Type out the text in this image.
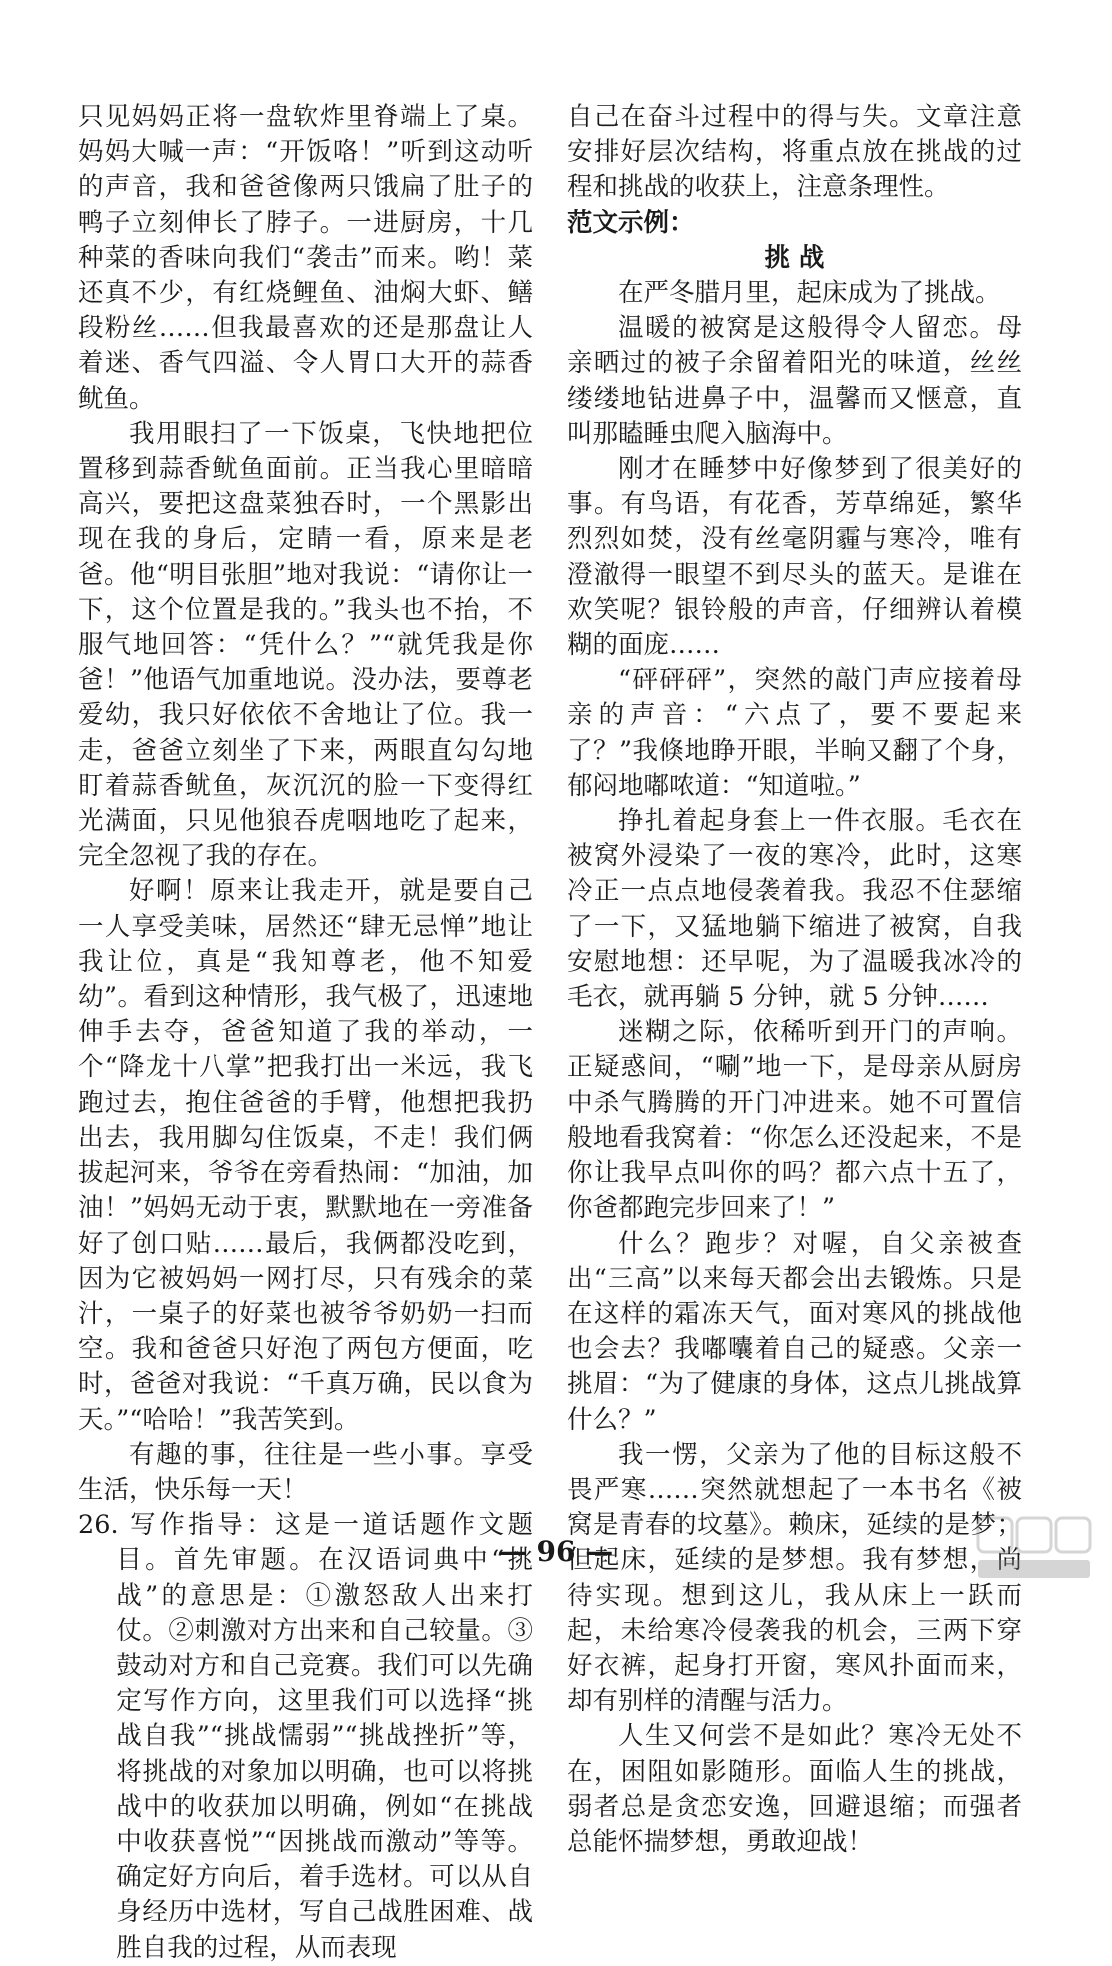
只见妈妈正将一盘软炸里脊端上了桌。妈妈大喊一声：“开饭咯！”听到这动听的声音，我和爸爸像两只饿扁了肚子的鸭子立刻伸长了脖子。一进厨房，十几种菜的香味向我们“袭击”而来。哟！菜还真不少，有红烧鲤鱼、油焖大虾、鳝段粉丝……但我最喜欢的还是那盘让人着迷、香气四溢、令人胃口大开的蒜香鱿鱼。

我用眼扫了一下饭桌，飞快地把位置移到蒜香鱿鱼面前。正当我心里暗暗高兴，要把这盘菜独吞时，一个黑影出现在我的身后，定睛一看，原来是老爸。他“明目张胆”地对我说：“请你让一下，这个位置是我的。”我头也不抬，不服气地回答：“凭什么？”“就凭我是你爸！”他语气加重地说。没办法，要尊老爱幼，我只好依依不舍地让了位。我一走，爸爸立刻坐了下来，两眼直勾勾地盯着蒜香鱿鱼，灰沉沉的脸一下变得红光满面，只见他狼吞虎咽地吃了起来，完全忽视了我的存在。

好啊！原来让我走开，就是要自己一人享受美味，居然还“肆无忌惮”地让我让位，真是“我知尊老，他不知爱幼”。看到这种情形，我气极了，迅速地伸手去夺，爸爸知道了我的举动，一个“降龙十八掌”把我打出一米远，我飞跑过去，抱住爸爸的手臂，他想把我扔出去，我用脚勾住饭桌，不走！我们俩拔起河来，爷爷在旁看热闹：“加油，加油！”妈妈无动于衷，默默地在一旁准备好了创口贴……最后，我俩都没吃到，因为它被妈妈一网打尽，只有残余的菜汁，一桌子的好菜也被爷爷奶奶一扫而空。我和爸爸只好泡了两包方便面，吃时，爸爸对我说：“千真万确，民以食为天。”“哈哈！”我苦笑到。

有趣的事，往往是一些小事。享受生活，快乐每一天！

26. 写作指导：这是一道话题作文题目。首先审题。在汉语词典中“挑战”的意思是：①激怒敌人出来打仗。②刺激对方出来和自己较量。③鼓动对方和自己竞赛。我们可以先确定写作方向，这里我们可以选择“挑战自我”“挑战懦弱”“挑战挫折”等，将挑战的对象加以明确，也可以将挑战中的收获加以明确，例如“在挑战中收获喜悦”“因挑战而激动”等等。确定好方向后，着手选材。可以从自身经历中选材，写自己战胜困难、战胜自我的过程，从而表现

自己在奋斗过程中的得与失。文章注意安排好层次结构，将重点放在挑战的过程和挑战的收获上，注意条理性。

范文示例：

挑 战

在严冬腊月里，起床成为了挑战。

温暖的被窝是这般得令人留恋。母亲晒过的被子余留着阳光的味道，丝丝缕缕地钻进鼻子中，温馨而又惬意，直叫那瞌睡虫爬入脑海中。

刚才在睡梦中好像梦到了很美好的事。有鸟语，有花香，芳草绵延，繁华烈烈如焚，没有丝毫阴霾与寒冷，唯有澄澈得一眼望不到尽头的蓝天。是谁在欢笑呢？银铃般的声音，仔细辨认着模糊的面庞……

“砰砰砰”，突然的敲门声应接着母亲的声音：“六点了，要不要起来了？”我倏地睁开眼，半晌又翻了个身，郁闷地嘟哝道：“知道啦。”

挣扎着起身套上一件衣服。毛衣在被窝外浸染了一夜的寒冷，此时，这寒冷正一点点地侵袭着我。我忍不住瑟缩了一下，又猛地躺下缩进了被窝，自我安慰地想：还早呢，为了温暖我冰冷的毛衣，就再躺 5 分钟，就 5 分钟……

迷糊之际，依稀听到开门的声响。正疑惑间，“唰”地一下，是母亲从厨房中杀气腾腾的开门冲进来。她不可置信般地看我窝着：“你怎么还没起来，不是你让我早点叫你的吗？都六点十五了，你爸都跑完步回来了！”

什么？跑步？对喔，自父亲被查出“三高”以来每天都会出去锻炼。只是在这样的霜冻天气，面对寒风的挑战他也会去？我嘟囔着自己的疑惑。父亲一挑眉：“为了健康的身体，这点儿挑战算什么？”

我一愣，父亲为了他的目标这般不畏严寒……突然就想起了一本书名《被窝是青春的坟墓》。赖床，延续的是梦；但起床，延续的是梦想。我有梦想，尚待实现。想到这儿，我从床上一跃而起，未给寒冷侵袭我的机会，三两下穿好衣裤，起身打开窗，寒风扑面而来，却有别样的清醒与活力。

人生又何尝不是如此？寒冷无处不在，困阻如影随形。面临人生的挑战，弱者总是贪恋安逸，回避退缩；而强者总能怀揣梦想，勇敢迎战！

— 96 —
